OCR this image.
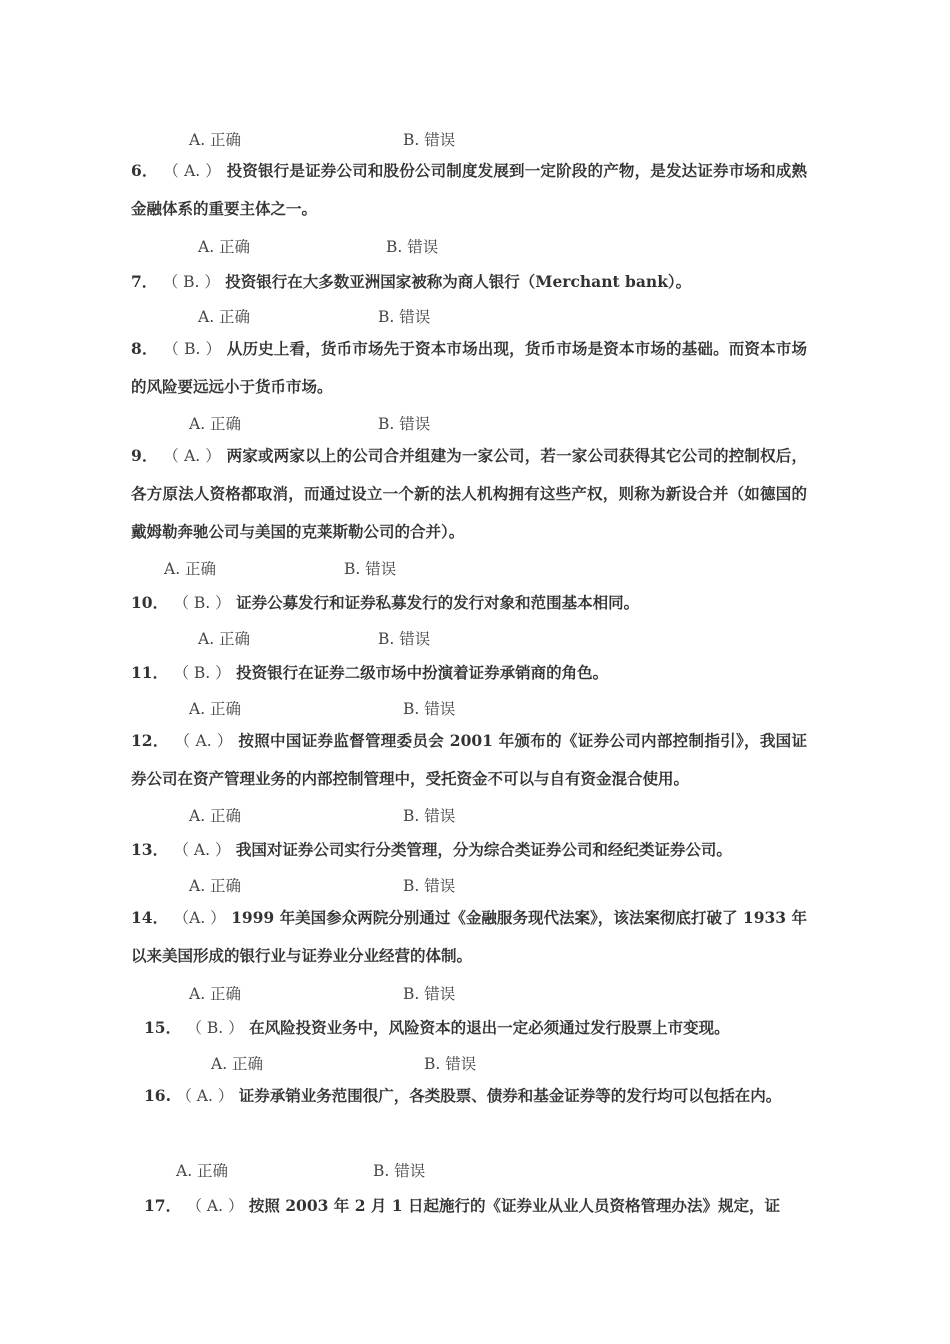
A. 正确	B. 错误
6． （ A. ） 投资银行是证券公司和股份公司制度发展到一定阶段的产物，是发达证券市场和成熟金融体系的重要主体之一。
A. 正确	B. 错误
7． （ B. ） 投资银行在大多数亚洲国家被称为商人银行（Merchant bank）。
A. 正确	B. 错误
8． （ B. ） 从历史上看，货币市场先于资本市场出现，货币市场是资本市场的基础。而资本市场的风险要远远小于货币市场。
A. 正确	B. 错误
9． （ A. ） 两家或两家以上的公司合并组建为一家公司，若一家公司获得其它公司的控制权后，各方原法人资格都取消，而通过设立一个新的法人机构拥有这些产权，则称为新设合并（如德国的戴姆勒奔驰公司与美国的克莱斯勒公司的合并）。
A. 正确	B. 错误
10． （ B. ） 证券公募发行和证券私募发行的发行对象和范围基本相同。
A. 正确	B. 错误
11． （ B. ） 投资银行在证券二级市场中扮演着证券承销商的角色。
A. 正确	B. 错误
12． （ A. ） 按照中国证券监督管理委员会 2001 年颁布的《证券公司内部控制指引》，我国证券公司在资产管理业务的内部控制管理中，受托资金不可以与自有资金混合使用。
A. 正确	B. 错误
13． （ A. ） 我国对证券公司实行分类管理，分为综合类证券公司和经纪类证券公司。
A. 正确	B. 错误
14． （A. ） 1999 年美国参众两院分别通过《金融服务现代法案》，该法案彻底打破了 1933 年以来美国形成的银行业与证券业分业经营的体制。
A. 正确	B. 错误
15． （ B. ） 在风险投资业务中，风险资本的退出一定必须通过发行股票上市变现。
A. 正确	B. 错误
16. （ A. ） 证券承销业务范围很广，各类股票、债券和基金证券等的发行均可以包括在内。
A. 正确	B. 错误
17． （ A. ） 按照 2003 年 2 月 1 日起施行的《证券业从业人员资格管理办法》规定，证
